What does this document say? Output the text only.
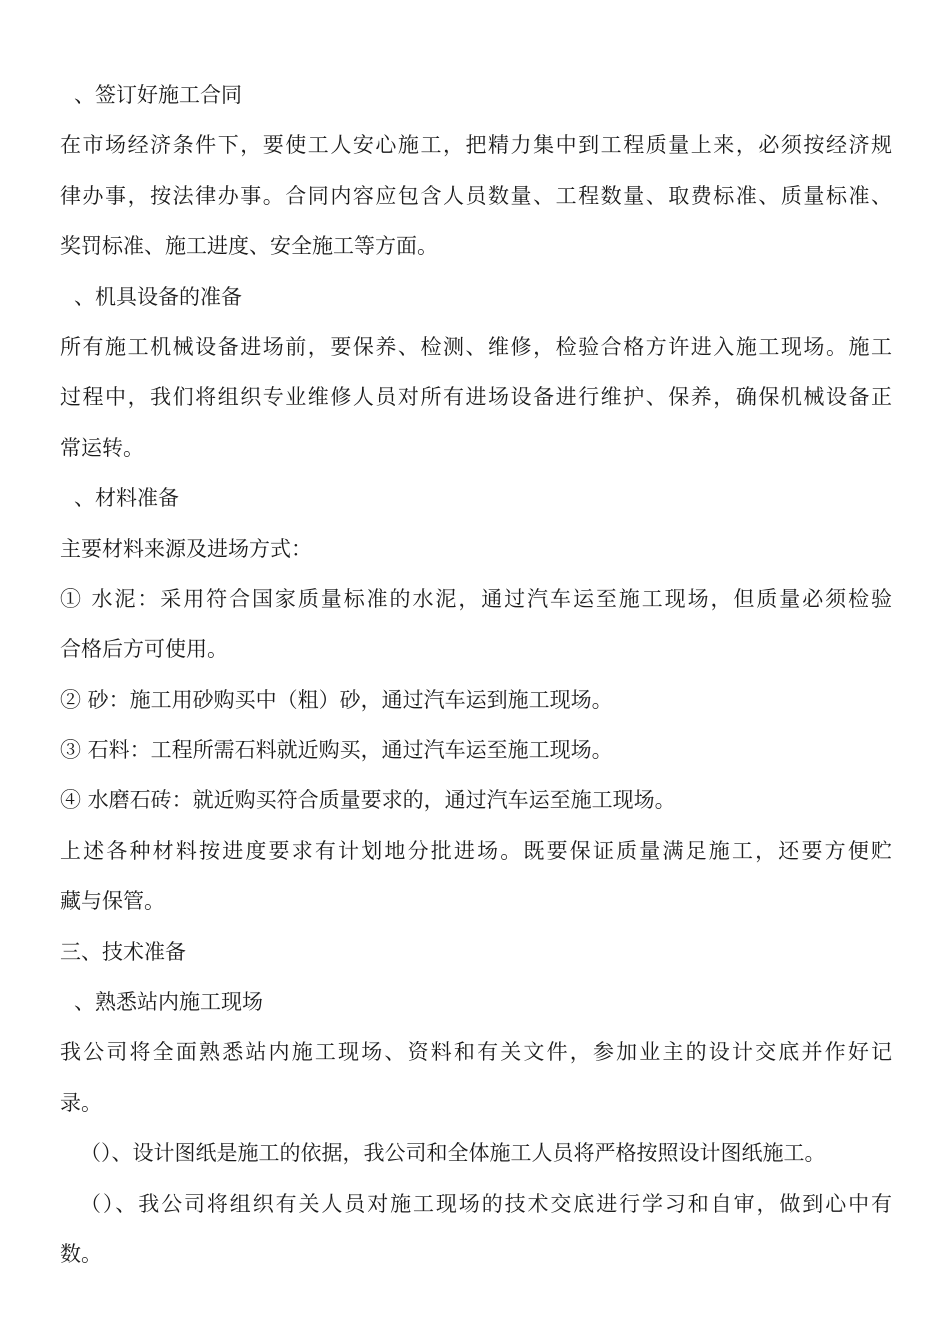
、签订好施工合同
在市场经济条件下，要使工人安心施工，把精力集中到工程质量上来，必须按经济规
律办事，按法律办事。合同内容应包含人员数量、工程数量、取费标准、质量标准、
奖罚标准、施工进度、安全施工等方面。
、机具设备的准备
所有施工机械设备进场前，要保养、检测、维修，检验合格方许进入施工现场。施工
过程中，我们将组织专业维修人员对所有进场设备进行维护、保养，确保机械设备正
常运转。
、材料准备
主要材料来源及进场方式：
① 水泥：采用符合国家质量标准的水泥，通过汽车运至施工现场，但质量必须检验
合格后方可使用。
② 砂：施工用砂购买中（粗）砂，通过汽车运到施工现场。
③ 石料：工程所需石料就近购买，通过汽车运至施工现场。
④ 水磨石砖：就近购买符合质量要求的，通过汽车运至施工现场。
上述各种材料按进度要求有计划地分批进场。既要保证质量满足施工，还要方便贮
藏与保管。
三、技术准备
、熟悉站内施工现场
我公司将全面熟悉站内施工现场、资料和有关文件，参加业主的设计交底并作好记
录。
（）、设计图纸是施工的依据，我公司和全体施工人员将严格按照设计图纸施工。
（）、我公司将组织有关人员对施工现场的技术交底进行学习和自审，做到心中有
数。
